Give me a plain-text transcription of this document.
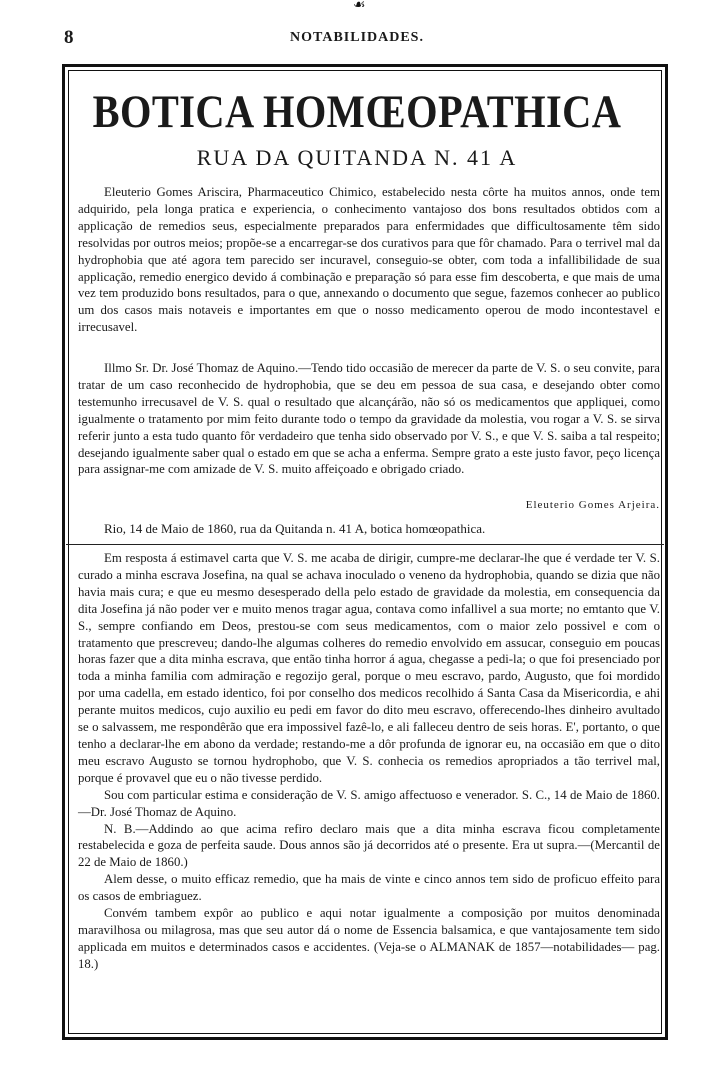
☙
8	NOTABILIDADES.
BOTICA HOMŒOPATHICA
RUA DA QUITANDA N. 41 A

Eleuterio Gomes Ariscira, Pharmaceutico Chimico, estabelecido nesta côrte ha muitos annos, onde tem adquirido, pela longa pratica e experiencia, o conhecimento vantajoso dos bons resultados obtidos com a applicação de remedios seus, especialmente preparados para enfermidades que difficultosamente têm sido resolvidas por outros meios; propõe-se a encarregar-se dos curativos para que fôr chamado. Para o terrivel mal da hydrophobia que até agora tem parecido ser incuravel, conseguio-se obter, com toda a infallibilidade de sua applicação, remedio energico devido á combinação e preparação só para esse fim descoberta, e que mais de uma vez tem produzido bons resultados, para o que, annexando o documento que segue, fazemos conhecer ao publico um dos casos mais notaveis e importantes em que o nosso medicamento operou de modo incontestavel e irrecusavel.

Illmo Sr. Dr. José Thomaz de Aquino.—Tendo tido occasião de merecer da parte de V. S. o seu convite, para tratar de um caso reconhecido de hydrophobia, que se deu em pessoa de sua casa, e desejando obter como testemunho irrecusavel de V. S. qual o resultado que alcançárão, não só os medicamentos que appliquei, como igualmente o tratamento por mim feito durante todo o tempo da gravidade da molestia, vou rogar a V. S. se sirva referir junto a esta tudo quanto fôr verdadeiro que tenha sido observado por V. S., e que V. S. saiba a tal respeito; desejando igualmente saber qual o estado em que se acha a enferma. Sempre grato a este justo favor, peço licença para assignar-me com amizade de V. S. muito affeiçoado e obrigado criado.

Eleuterio Gomes Arjeira.
Rio, 14 de Maio de 1860, rua da Quitanda n. 41 A, botica homœopathica.

Em resposta á estimavel carta que V. S. me acaba de dirigir, cumpre-me declarar-lhe que é verdade ter V. S. curado a minha escrava Josefina, na qual se achava inoculado o veneno da hydrophobia, quando se dizia que não havia mais cura; e que eu mesmo desesperado della pelo estado de gravidade da molestia, em consequencia da dita Josefina já não poder ver e muito menos tragar agua, contava como infallivel a sua morte; no emtanto que V. S., sempre confiando em Deos, prestou-se com seus medicamentos, com o maior zelo possivel e com o tratamento que prescreveu; dando-lhe algumas colheres do remedio envolvido em assucar, conseguio em poucas horas fazer que a dita minha escrava, que então tinha horror á agua, chegasse a pedi-la; o que foi presenciado por toda a minha familia com admiração e regozijo geral, porque o meu escravo, pardo, Augusto, que foi mordido por uma cadella, em estado identico, foi por conselho dos medicos recolhido á Santa Casa da Misericordia, e ahi perante muitos medicos, cujo auxilio eu pedi em favor do dito meu escravo, offerecendo-lhes dinheiro avultado se o salvassem, me respondêrão que era impossivel fazê-lo, e ali falleceu dentro de seis horas. E', portanto, o que tenho a declarar-lhe em abono da verdade; restando-me a dôr profunda de ignorar eu, na occasião em que o dito meu escravo Augusto se tornou hydrophobo, que V. S. conhecia os remedios apropriados a tão terrivel mal, porque é provavel que eu o não tivesse perdido.

Sou com particular estima e consideração de V. S. amigo affectuoso e venerador. S. C., 14 de Maio de 1860.—Dr. José Thomaz de Aquino.

N. B.—Addindo ao que acima refiro declaro mais que a dita minha escrava ficou completamente restabelecida e goza de perfeita saude. Dous annos são já decorridos até o presente. Era ut supra.—(Mercantil de 22 de Maio de 1860.)

Alem desse, o muito efficaz remedio, que ha mais de vinte e cinco annos tem sido de proficuo effeito para os casos de embriaguez.

Convém tambem expôr ao publico e aqui notar igualmente a composição por muitos denominada maravilhosa ou milagrosa, mas que seu autor dá o nome de Essencia balsamica, e que vantajosamente tem sido applicada em muitos e determinados casos e accidentes. (Veja-se o ALMANAK de 1857—notabilidades— pag. 18.)
